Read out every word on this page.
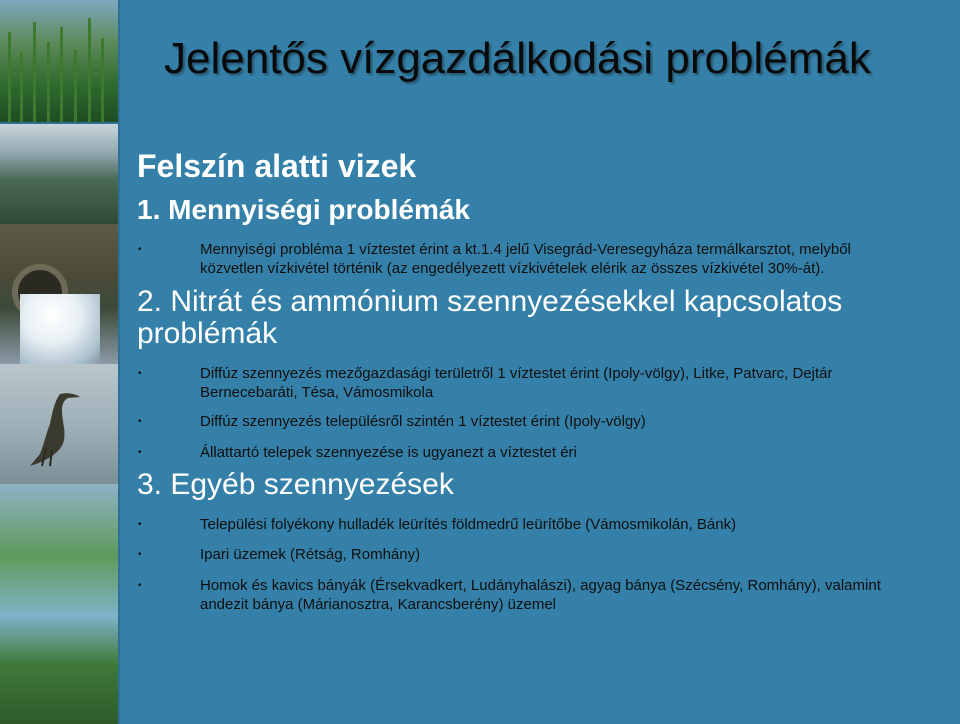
Jelentős vízgazdálkodási problémák
Felszín alatti vizek
1. Mennyiségi problémák
•	Mennyiségi probléma 1 víztestet érint a kt.1.4 jelű Visegrád-Veresegyháza termálkarsztot, melyből közvetlen vízkivétel történik (az engedélyezett vízkivételek elérik az összes vízkivétel 30%-át).
2. Nitrát és ammónium szennyezésekkel kapcsolatos problémák
•	Diffúz szennyezés mezőgazdasági területről 1 víztestet érint (Ipoly-völgy), Litke, Patvarc, Dejtár Bernecebaráti, Tésa, Vámosmikola
•	Diffúz szennyezés településről szintén 1 víztestet érint (Ipoly-völgy)
•	Állattartó telepek szennyezése is ugyanezt a víztestet éri
3. Egyéb szennyezések
•	Települési folyékony hulladék leürítés földmedrű leürítőbe (Vámosmikolán, Bánk)
•	Ipari üzemek (Rétság, Romhány)
•	Homok és kavics bányák (Érsekvadkert, Ludányhalászi), agyag bánya (Szécsény, Romhány), valamint andezit bánya (Márianosztra, Karancsberény) üzemel
